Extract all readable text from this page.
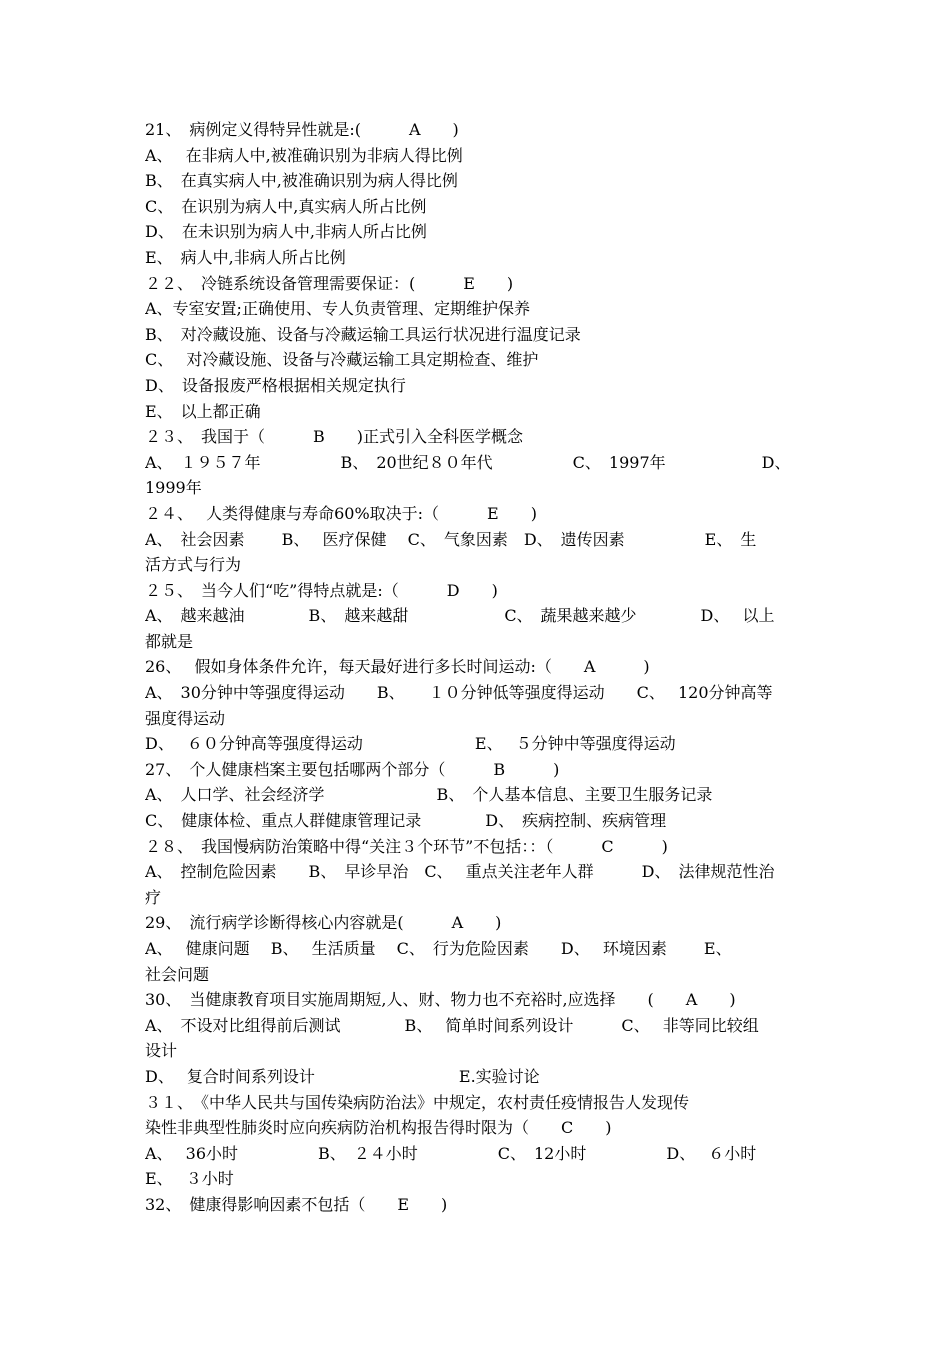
21、　病例定义得特异性就是:(　　　A　　)
A、　 在非病人中,被准确识别为非病人得比例
B、　在真实病人中,被准确识别为病人得比例
C、　在识别为病人中,真实病人所占比例
D、　在未识别为病人中,非病人所占比例
E、　病人中,非病人所占比例
２２、　冷链系统设备管理需要保证：(　　　E　　)
A、专室安置;正确使用、专人负责管理、定期维护保养
B、　对冷藏设施、设备与冷藏运输工具运行状况进行温度记录
C、　 对冷藏设施、设备与冷藏运输工具定期检查、维护
D、　设备报废严格根据相关规定执行
E、　以上都正确
２３、　我国于（　　　B　　)正式引入全科医学概念
A、　１９５７年　　　　　B、　20世纪８０年代　　　　　C、　1997年　　　　　　D、
1999年
２４、　 人类得健康与寿命60%取决于:（　　　E　　)
A、　社会因素　　 B、　 医疗保健　 C、　气象因素　D、　遗传因素　　　　　E、　生
活方式与行为
２５、　当今人们“吃”得特点就是:（　　　D　　)
A、　越来越油　　　　B、　越来越甜　　　　　　C、　蔬果越来越少　　　　D、　 以上
都就是
26、　 假如身体条件允许，每天最好进行多长时间运动:（　　A　　　)
A、　30分钟中等强度得运动　　B、　　１０分钟低等强度得运动　　C、　 120分钟高等
强度得运动
D、　 ６０分钟高等强度得运动　　　　　　　E、　 ５分钟中等强度得运动
27、　个人健康档案主要包括哪两个部分（　　　B　　　)
A、　人口学、社会经济学　　　　　　　B、　个人基本信息、主要卫生服务记录
C、　健康体检、重点人群健康管理记录　　　　D、　疾病控制、疾病管理
２８、　我国慢病防治策略中得“关注３个环节”不包括：：（　　　C　　　)
A、　控制危险因素　　B、　早诊早治　C、　 重点关注老年人群　　　D、　法律规范性治
疗
29、　流行病学诊断得核心内容就是(　　　A　　)
A、　 健康问题　 B、　 生活质量　 C、　行为危险因素　　D、　 环境因素　　 E、
社会问题
30、　当健康教育项目实施周期短,人、财、物力也不充裕时,应选择　　(　　A　　)
A、　不设对比组得前后测试　　　　B、　 简单时间系列设计　　　C、　 非等同比较组
设计
D、　 复合时间系列设计　　　　　　　　　E.实验讨论
３１、　《中华人民共与国传染病防治法》中规定，农村责任疫情报告人发现传
染性非典型性肺炎时应向疾病防治机构报告得时限为（　　C　　)
A、　 36小时　　　　　B、　２４小时　　　　　C、　12小时　　　　　D、　 ６小时
E、　 ３小时
32、　健康得影响因素不包括（　　E　　)
